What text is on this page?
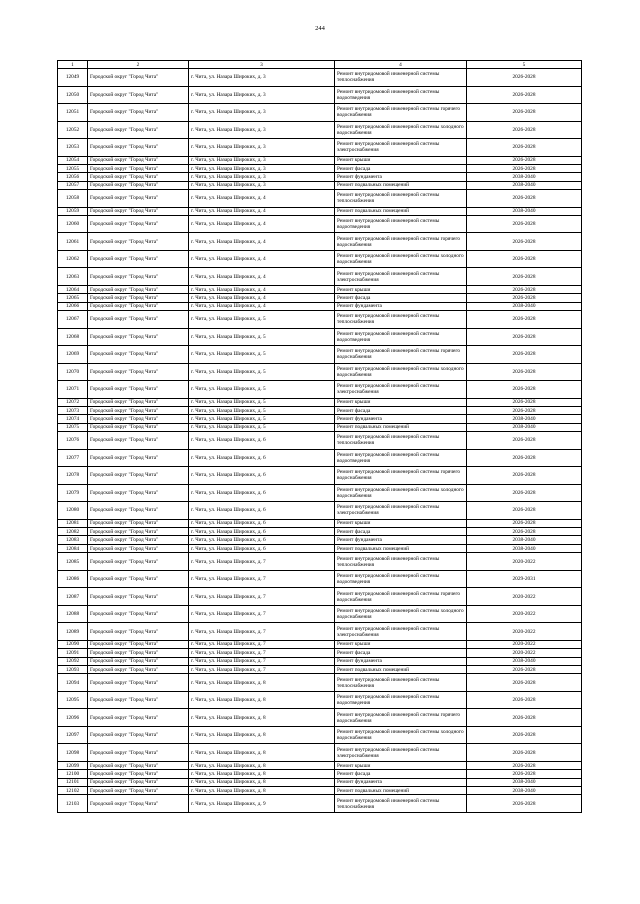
244
1	2	3	4	5
12049	Городской округ "Город Чита"	г. Чита, ул. Назара Широких, д. 3	Ремонт внутридомовой инженерной системы теплоснабжения	2026-2028
12050	Городской округ "Город Чита"	г. Чита, ул. Назара Широких, д. 3	Ремонт внутридомовой инженерной системы водоотведения	2026-2028
12051	Городской округ "Город Чита"	г. Чита, ул. Назара Широких, д. 3	Ремонт внутридомовой инженерной системы горячего водоснабжения	2026-2028
12052	Городской округ "Город Чита"	г. Чита, ул. Назара Широких, д. 3	Ремонт внутридомовой инженерной системы холодного водоснабжения	2026-2028
12053	Городской округ "Город Чита"	г. Чита, ул. Назара Широких, д. 3	Ремонт внутридомовой инженерной системы электроснабжения	2026-2028
12054	Городской округ "Город Чита"	г. Чита, ул. Назара Широких, д. 3	Ремонт крыши	2026-2028
12055	Городской округ "Город Чита"	г. Чита, ул. Назара Широких, д. 3	Ремонт фасада	2026-2028
12056	Городской округ "Город Чита"	г. Чита, ул. Назара Широких, д. 3	Ремонт фундамента	2038-2040
12057	Городской округ "Город Чита"	г. Чита, ул. Назара Широких, д. 3	Ремонт подвальных помещений	2038-2040
12058	Городской округ "Город Чита"	г. Чита, ул. Назара Широких, д. 4	Ремонт внутридомовой инженерной системы теплоснабжения	2026-2028
12059	Городской округ "Город Чита"	г. Чита, ул. Назара Широких, д. 4	Ремонт подвальных помещений	2038-2040
12060	Городской округ "Город Чита"	г. Чита, ул. Назара Широких, д. 4	Ремонт внутридомовой инженерной системы водоотведения	2026-2028
12061	Городской округ "Город Чита"	г. Чита, ул. Назара Широких, д. 4	Ремонт внутридомовой инженерной системы горячего водоснабжения	2026-2028
12062	Городской округ "Город Чита"	г. Чита, ул. Назара Широких, д. 4	Ремонт внутридомовой инженерной системы холодного водоснабжения	2026-2028
12063	Городской округ "Город Чита"	г. Чита, ул. Назара Широких, д. 4	Ремонт внутридомовой инженерной системы электроснабжения	2026-2028
12064	Городской округ "Город Чита"	г. Чита, ул. Назара Широких, д. 4	Ремонт крыши	2026-2028
12065	Городской округ "Город Чита"	г. Чита, ул. Назара Широких, д. 4	Ремонт фасада	2026-2028
12066	Городской округ "Город Чита"	г. Чита, ул. Назара Широких, д. 4	Ремонт фундамента	2038-2040
12067	Городской округ "Город Чита"	г. Чита, ул. Назара Широких, д. 5	Ремонт внутридомовой инженерной системы теплоснабжения	2026-2028
12068	Городской округ "Город Чита"	г. Чита, ул. Назара Широких, д. 5	Ремонт внутридомовой инженерной системы водоотведения	2026-2028
12069	Городской округ "Город Чита"	г. Чита, ул. Назара Широких, д. 5	Ремонт внутридомовой инженерной системы горячего водоснабжения	2026-2028
12070	Городской округ "Город Чита"	г. Чита, ул. Назара Широких, д. 5	Ремонт внутридомовой инженерной системы холодного водоснабжения	2026-2028
12071	Городской округ "Город Чита"	г. Чита, ул. Назара Широких, д. 5	Ремонт внутридомовой инженерной системы электроснабжения	2026-2028
12072	Городской округ "Город Чита"	г. Чита, ул. Назара Широких, д. 5	Ремонт крыши	2026-2028
12073	Городской округ "Город Чита"	г. Чита, ул. Назара Широких, д. 5	Ремонт фасада	2026-2028
12074	Городской округ "Город Чита"	г. Чита, ул. Назара Широких, д. 5	Ремонт фундамента	2038-2040
12075	Городской округ "Город Чита"	г. Чита, ул. Назара Широких, д. 5	Ремонт подвальных помещений	2038-2040
12076	Городской округ "Город Чита"	г. Чита, ул. Назара Широких, д. 6	Ремонт внутридомовой инженерной системы теплоснабжения	2026-2028
12077	Городской округ "Город Чита"	г. Чита, ул. Назара Широких, д. 6	Ремонт внутридомовой инженерной системы водоотведения	2026-2028
12078	Городской округ "Город Чита"	г. Чита, ул. Назара Широких, д. 6	Ремонт внутридомовой инженерной системы горячего водоснабжения	2026-2028
12079	Городской округ "Город Чита"	г. Чита, ул. Назара Широких, д. 6	Ремонт внутридомовой инженерной системы холодного водоснабжения	2026-2028
12080	Городской округ "Город Чита"	г. Чита, ул. Назара Широких, д. 6	Ремонт внутридомовой инженерной системы электроснабжения	2026-2028
12081	Городской округ "Город Чита"	г. Чита, ул. Назара Широких, д. 6	Ремонт крыши	2026-2028
12082	Городской округ "Город Чита"	г. Чита, ул. Назара Широких, д. 6	Ремонт фасада	2026-2028
12083	Городской округ "Город Чита"	г. Чита, ул. Назара Широких, д. 6	Ремонт фундамента	2038-2040
12084	Городской округ "Город Чита"	г. Чита, ул. Назара Широких, д. 6	Ремонт подвальных помещений	2038-2040
12085	Городской округ "Город Чита"	г. Чита, ул. Назара Широких, д. 7	Ремонт внутридомовой инженерной системы теплоснабжения	2020-2022
12086	Городской округ "Город Чита"	г. Чита, ул. Назара Широких, д. 7	Ремонт внутридомовой инженерной системы водоотведения	2029-2031
12087	Городской округ "Город Чита"	г. Чита, ул. Назара Широких, д. 7	Ремонт внутридомовой инженерной системы горячего водоснабжения	2020-2022
12088	Городской округ "Город Чита"	г. Чита, ул. Назара Широких, д. 7	Ремонт внутридомовой инженерной системы холодного водоснабжения	2020-2022
12089	Городской округ "Город Чита"	г. Чита, ул. Назара Широких, д. 7	Ремонт внутридомовой инженерной системы электроснабжения	2020-2022
12090	Городской округ "Город Чита"	г. Чита, ул. Назара Широких, д. 7	Ремонт крыши	2020-2022
12091	Городской округ "Город Чита"	г. Чита, ул. Назара Широких, д. 7	Ремонт фасада	2020-2022
12092	Городской округ "Город Чита"	г. Чита, ул. Назара Широких, д. 7	Ремонт фундамента	2038-2040
12093	Городской округ "Город Чита"	г. Чита, ул. Назара Широких, д. 7	Ремонт подвальных помещений	2026-2028
12094	Городской округ "Город Чита"	г. Чита, ул. Назара Широких, д. 8	Ремонт внутридомовой инженерной системы теплоснабжения	2026-2028
12095	Городской округ "Город Чита"	г. Чита, ул. Назара Широких, д. 8	Ремонт внутридомовой инженерной системы водоотведения	2026-2028
12096	Городской округ "Город Чита"	г. Чита, ул. Назара Широких, д. 8	Ремонт внутридомовой инженерной системы горячего водоснабжения	2026-2028
12097	Городской округ "Город Чита"	г. Чита, ул. Назара Широких, д. 8	Ремонт внутридомовой инженерной системы холодного водоснабжения	2026-2028
12098	Городской округ "Город Чита"	г. Чита, ул. Назара Широких, д. 8	Ремонт внутридомовой инженерной системы электроснабжения	2026-2028
12099	Городской округ "Город Чита"	г. Чита, ул. Назара Широких, д. 8	Ремонт крыши	2026-2028
12100	Городской округ "Город Чита"	г. Чита, ул. Назара Широких, д. 8	Ремонт фасада	2026-2028
12101	Городской округ "Город Чита"	г. Чита, ул. Назара Широких, д. 8	Ремонт фундамента	2038-2040
12102	Городской округ "Город Чита"	г. Чита, ул. Назара Широких, д. 8	Ремонт подвальных помещений	2038-2040
12103	Городской округ "Город Чита"	г. Чита, ул. Назара Широких, д. 9	Ремонт внутридомовой инженерной системы теплоснабжения	2026-2028
